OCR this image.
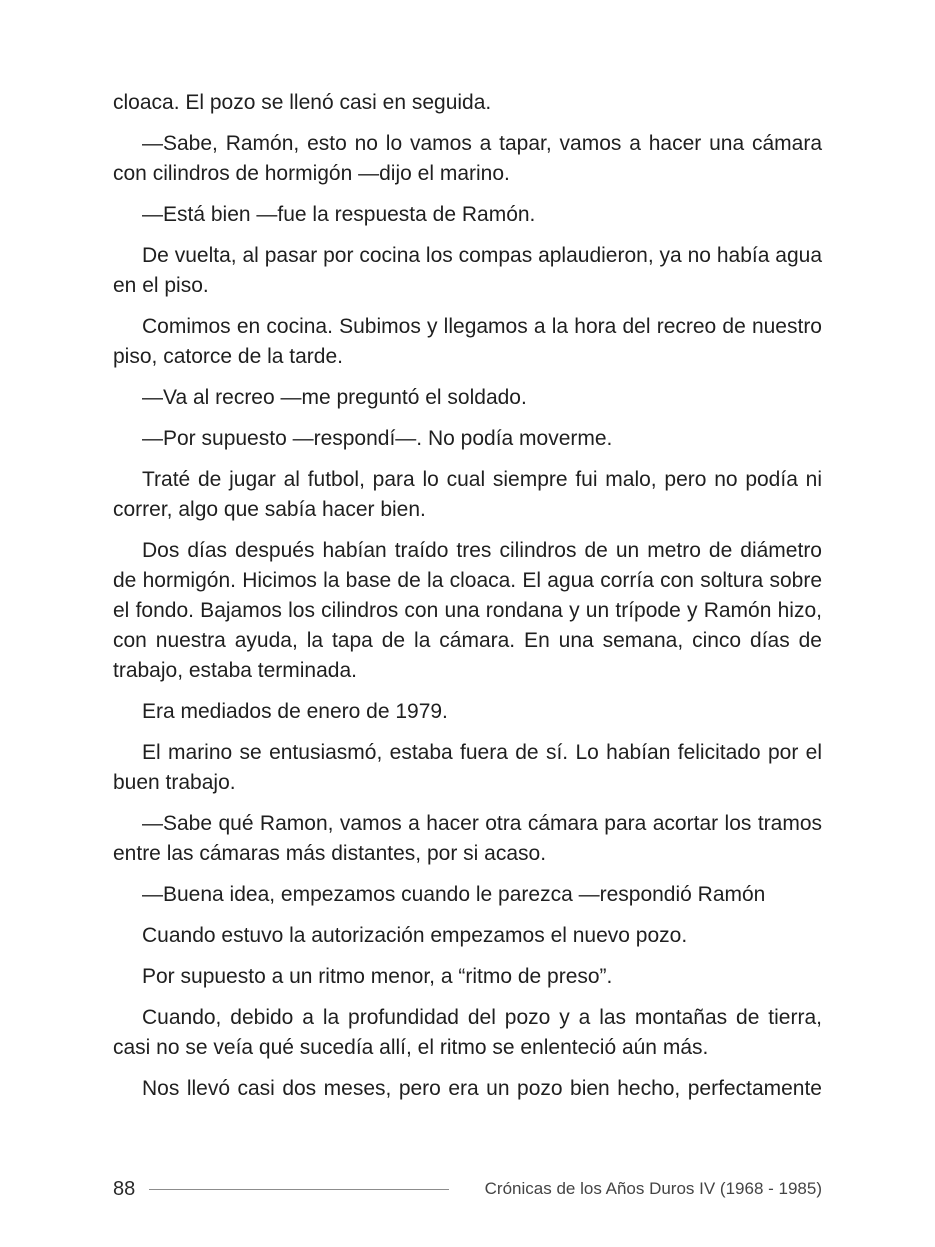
cloaca. El pozo se llenó casi en seguida.

—Sabe, Ramón, esto no lo vamos a tapar, vamos a hacer una cámara con cilindros de hormigón —dijo el marino.

—Está bien —fue la respuesta de Ramón.

De vuelta, al pasar por cocina los compas aplaudieron, ya no había agua en el piso.

Comimos en cocina. Subimos y llegamos a la hora del recreo de nuestro piso, catorce de la tarde.

—Va al recreo —me preguntó el soldado.

—Por supuesto —respondí—. No podía moverme.

Traté de jugar al futbol, para lo cual siempre fui malo, pero no podía ni correr, algo que sabía hacer bien.

Dos días después habían traído tres cilindros de un metro de diámetro de hormigón. Hicimos la base de la cloaca. El agua corría con soltura sobre el fondo. Bajamos los cilindros con una rondana y un trípode y Ramón hizo, con nuestra ayuda, la tapa de la cámara. En una semana, cinco días de trabajo, estaba terminada.

Era mediados de enero de 1979.

El marino se entusiasmó, estaba fuera de sí. Lo habían felicitado por el buen trabajo.

—Sabe qué Ramon, vamos a hacer otra cámara para acortar los tramos entre las cámaras más distantes, por si acaso.

—Buena idea, empezamos cuando le parezca —respondió Ramón

Cuando estuvo la autorización empezamos el nuevo pozo.

Por supuesto a un ritmo menor, a “ritmo de preso”.

Cuando, debido a la profundidad del pozo y a las montañas de tierra, casi no se veía qué sucedía allí, el ritmo se enlenteció aún más.

Nos llevó casi dos meses, pero era un pozo bien hecho, perfectamente

88	Crónicas de los Años Duros IV (1968 - 1985)
